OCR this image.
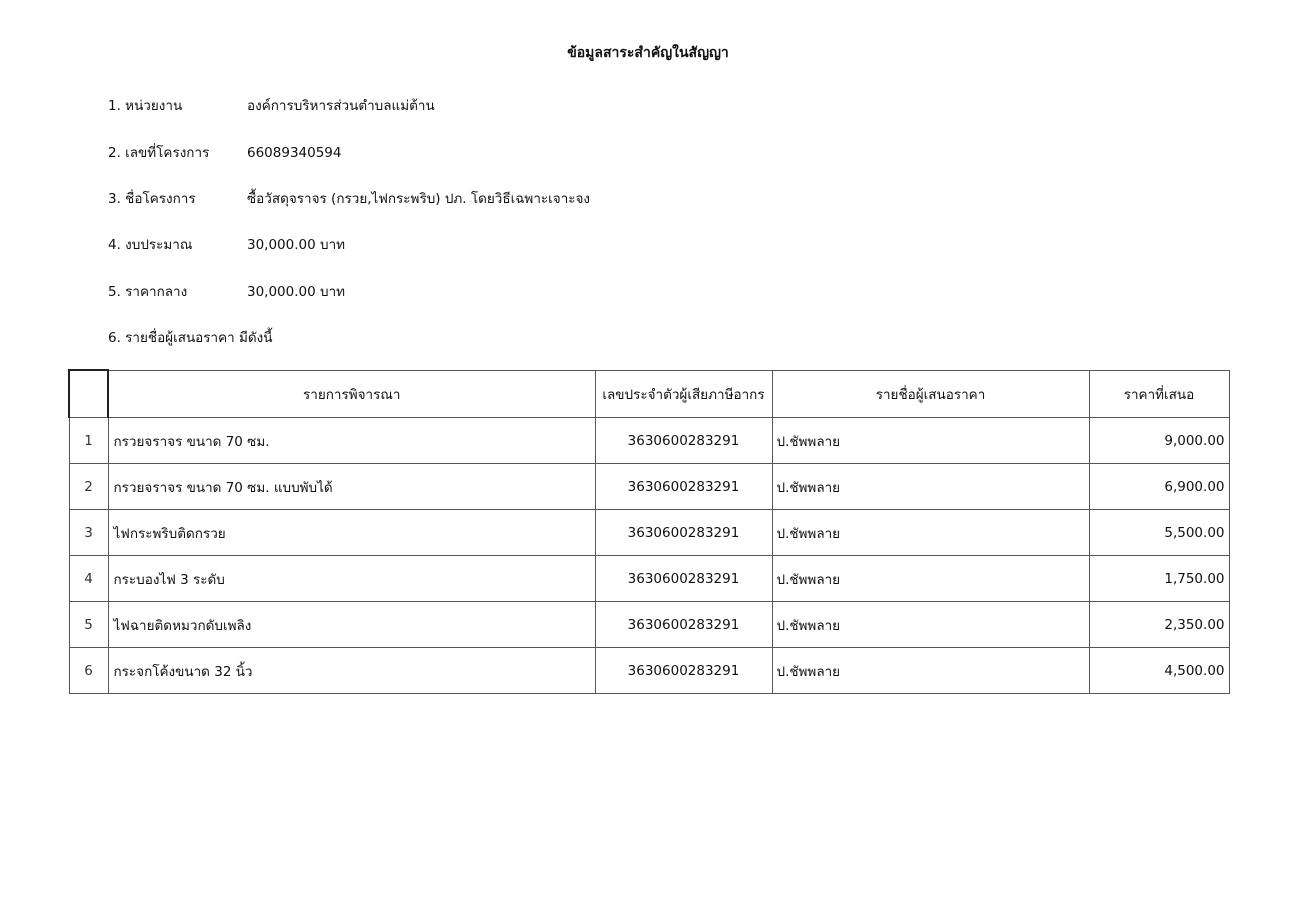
ข้อมูลสาระสำคัญในสัญญา
1. หน่วยงาน	องค์การบริหารส่วนตำบลแม่ต้าน
2. เลขที่โครงการ	66089340594
3. ชื่อโครงการ	ซื้อวัสดุจราจร (กรวย,ไฟกระพริบ) ปภ. โดยวิธีเฉพาะเจาะจง
4. งบประมาณ	30,000.00 บาท
5. ราคากลาง	30,000.00 บาท
6. รายชื่อผู้เสนอราคา มีดังนี้
	รายการพิจารณา	เลขประจำตัวผู้เสียภาษีอากร	รายชื่อผู้เสนอราคา	ราคาที่เสนอ
1	กรวยจราจร ขนาด 70 ซม.	3630600283291	ป.ชัพพลาย	9,000.00
2	กรวยจราจร ขนาด 70 ซม. แบบพับได้	3630600283291	ป.ชัพพลาย	6,900.00
3	ไฟกระพริบติดกรวย	3630600283291	ป.ชัพพลาย	5,500.00
4	กระบองไฟ 3 ระดับ	3630600283291	ป.ชัพพลาย	1,750.00
5	ไฟฉายติดหมวกดับเพลิง	3630600283291	ป.ชัพพลาย	2,350.00
6	กระจกโค้งขนาด 32 นิ้ว	3630600283291	ป.ชัพพลาย	4,500.00
